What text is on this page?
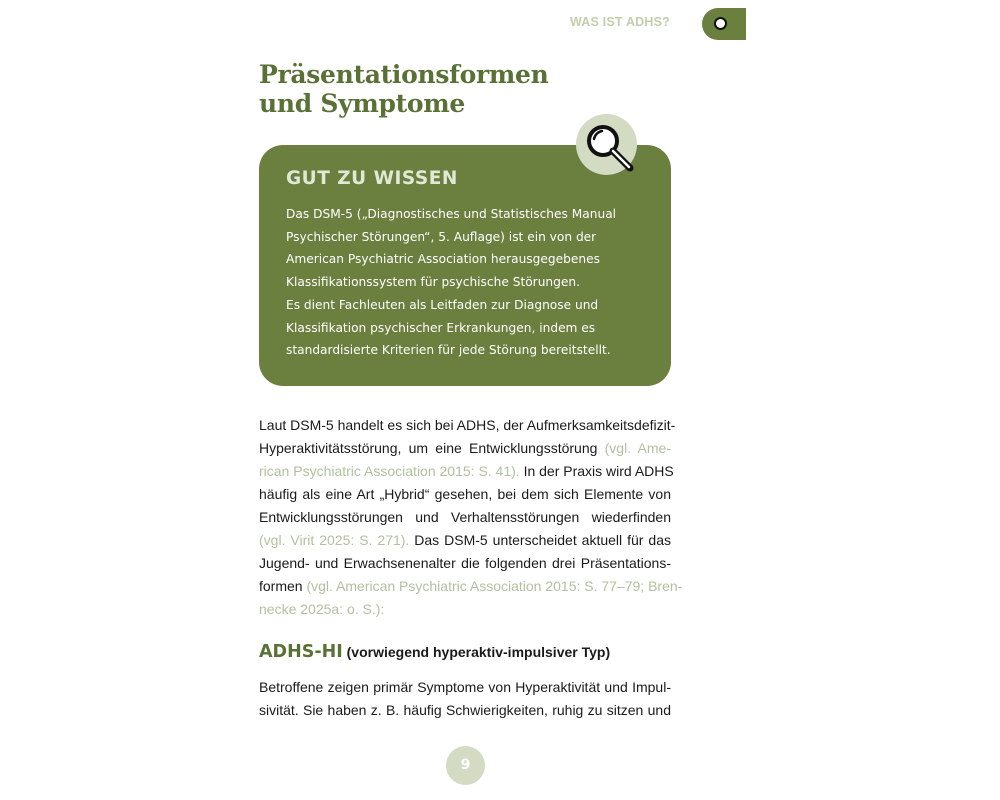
WAS IST ADHS?
Präsentationsformen
und Symptome
GUT ZU WISSEN

Das DSM-5 („Diagnostisches und Statistisches Manual
Psychischer Störungen“, 5. Auflage) ist ein von der
American Psychiatric Association herausgegebenes
Klassifikationssystem für psychische Störungen.
Es dient Fachleuten als Leitfaden zur Diagnose und
Klassifikation psychischer Erkrankungen, indem es
standardisierte Kriterien für jede Störung bereitstellt.

Laut DSM-5 handelt es sich bei ADHS, der Aufmerksamkeitsdefizit-
Hyperaktivitätsstörung, um eine Entwicklungsstörung (vgl. Ame-
rican Psychiatric Association 2015: S. 41). In der Praxis wird ADHS
häufig als eine Art „Hybrid“ gesehen, bei dem sich Elemente von
Entwicklungsstörungen und Verhaltensstörungen wiederfinden
(vgl. Virit 2025: S. 271). Das DSM-5 unterscheidet aktuell für das
Jugend- und Erwachsenenalter die folgenden drei Präsentations-
formen (vgl. American Psychiatric Association 2015: S. 77–79; Bren-
necke 2025a: o. S.):

ADHS-HI (vorwiegend hyperaktiv-impulsiver Typ)

Betroffene zeigen primär Symptome von Hyperaktivität und Impul-
sivität. Sie haben z. B. häufig Schwierigkeiten, ruhig zu sitzen und

9
